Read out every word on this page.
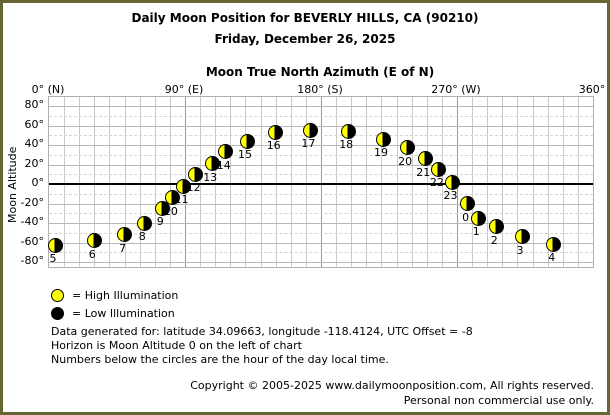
Daily Moon Position for BEVERLY HILLS, CA (90210)
Friday, December 26, 2025
Moon True North Azimuth (E of N)
0° (N)	90° (E)	180° (S)	270° (W)	360°
0
1
2
3
4
5	6 7
8
9
10
11
12
13
14
15
16 17 18
19
20
21
22
23
80°
60°
40°
20°
0°
-20°
-40°
-60°
-80°
Moon Altitude
= High Illumination
= Low Illumination
Data generated for: latitude 34.09663, longitude -118.4124, UTC Offset = -8
Horizon is Moon Altitude 0 on the left of chart
Numbers below the circles are the hour of the day local time.
Copyright © 2005-2025 www.dailymoonposition.com, All rights reserved.
Personal non commercial use only.
